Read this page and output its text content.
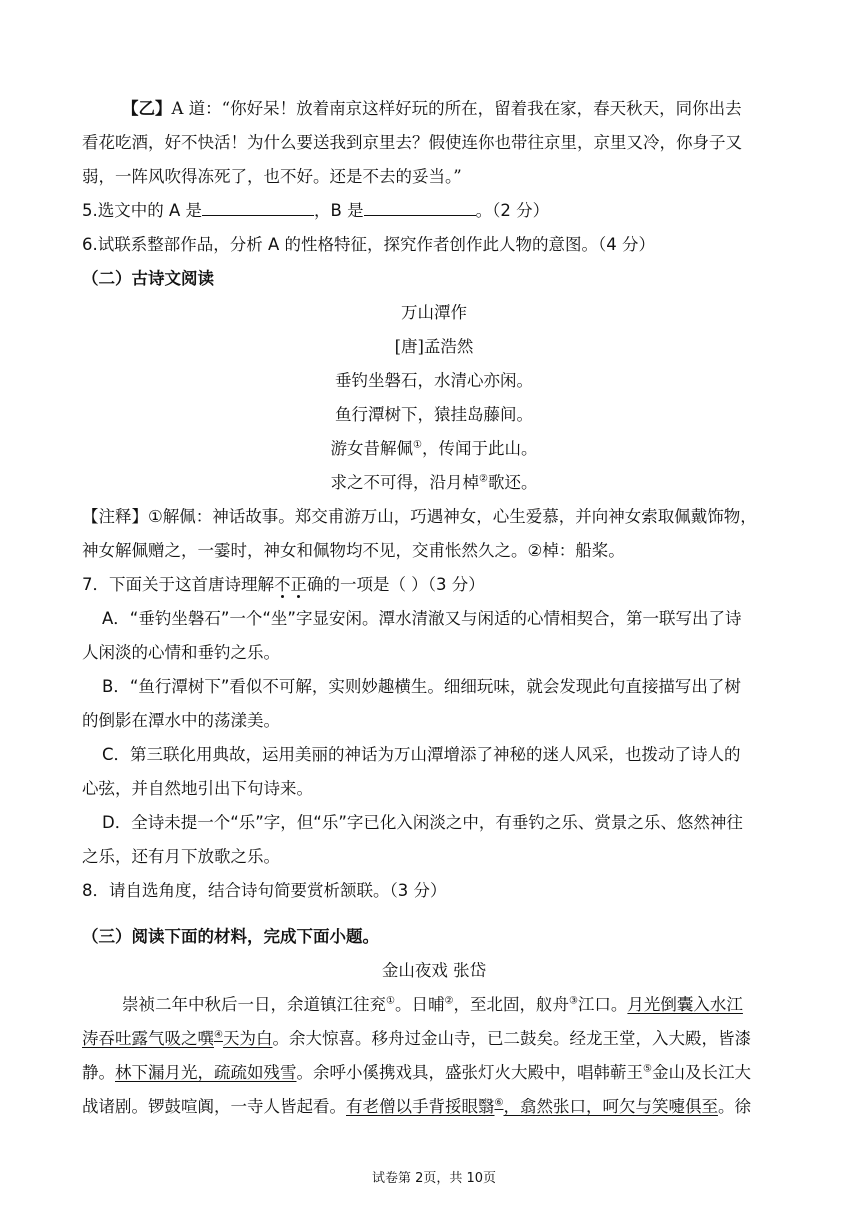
【乙】A 道：“你好呆！放着南京这样好玩的所在，留着我在家，春天秋天，同你出去
看花吃酒，好不快活！为什么要送我到京里去？假使连你也带往京里，京里又冷，你身子又
弱，一阵风吹得冻死了，也不好。还是不去的妥当。”
5.选文中的 A 是	，B 是	。（2 分）
6.试联系整部作品，分析 A 的性格特征，探究作者创作此人物的意图。（4 分）
（二）古诗文阅读
万山潭作
[唐]孟浩然
垂钓坐磐石，水清心亦闲。
鱼行潭树下，猿挂岛藤间。
游女昔解佩①，传闻于此山。
求之不可得，沿月棹②歌还。
【注释】①解佩：神话故事。郑交甫游万山，巧遇神女，心生爱慕，并向神女索取佩戴饰物，
神女解佩赠之，一霎时，神女和佩物均不见，交甫怅然久之。②棹：船桨。
7．下面关于这首唐诗理解不正确的一项是（ ）（3 分）
A．“垂钓坐磐石”一个“坐”字显安闲。潭水清澈又与闲适的心情相契合，第一联写出了诗
人闲淡的心情和垂钓之乐。
B．“鱼行潭树下”看似不可解，实则妙趣横生。细细玩味，就会发现此句直接描写出了树
的倒影在潭水中的荡漾美。
C．第三联化用典故，运用美丽的神话为万山潭增添了神秘的迷人风采，也拨动了诗人的
心弦，并自然地引出下句诗来。
D．全诗未提一个“乐”字，但“乐”字已化入闲淡之中，有垂钓之乐、赏景之乐、悠然神往
之乐，还有月下放歌之乐。
8．请自选角度，结合诗句简要赏析颔联。（3 分）
（三）阅读下面的材料，完成下面小题。
金山夜戏 张岱
崇祯二年中秋后一日，余道镇江往兖①。日晡②，至北固，舣舟③江口。月光倒囊入水江
涛吞吐露气吸之噀④天为白。余大惊喜。移舟过金山寺，已二鼓矣。经龙王堂，入大殿，皆漆
静。林下漏月光，疏疏如残雪。余呼小傒携戏具，盛张灯火大殿中，唱韩蕲王⑤金山及长江大
战诸剧。锣鼓喧阗，一寺人皆起看。有老僧以手背挼眼翳⑥，翕然张口，呵欠与笑嚏俱至。徐
试卷第 2页，共 10页
